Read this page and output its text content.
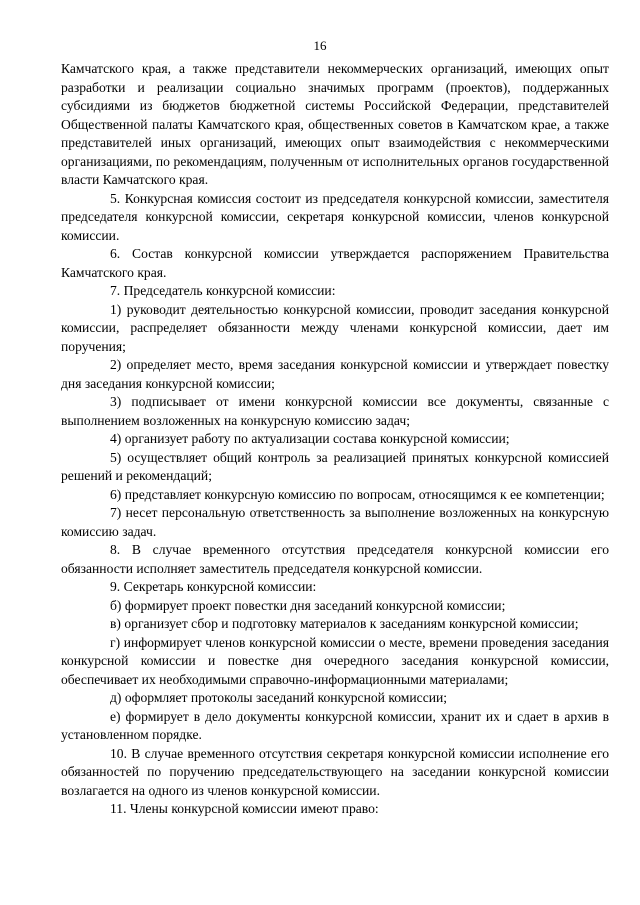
16

Камчатского края, а также представители некоммерческих организаций, имеющих опыт разработки и реализации социально значимых программ (проектов), поддержанных субсидиями из бюджетов бюджетной системы Российской Федерации, представителей Общественной палаты Камчатского края, общественных советов в Камчатском крае, а также представителей иных организаций, имеющих опыт взаимодействия с некоммерческими организациями, по рекомендациям, полученным от исполнительных органов государственной власти Камчатского края.

5. Конкурсная комиссия состоит из председателя конкурсной комиссии, заместителя председателя конкурсной комиссии, секретаря конкурсной комиссии, членов конкурсной комиссии.

6. Состав конкурсной комиссии утверждается распоряжением Правительства Камчатского края.

7. Председатель конкурсной комиссии:

1) руководит деятельностью конкурсной комиссии, проводит заседания конкурсной комиссии, распределяет обязанности между членами конкурсной комиссии, дает им поручения;

2) определяет место, время заседания конкурсной комиссии и утверждает повестку дня заседания конкурсной комиссии;

3) подписывает от имени конкурсной комиссии все документы, связанные с выполнением возложенных на конкурсную комиссию задач;

4) организует работу по актуализации состава конкурсной комиссии;

5) осуществляет общий контроль за реализацией принятых конкурсной комиссией решений и рекомендаций;

6) представляет конкурсную комиссию по вопросам, относящимся к ее компетенции;

7) несет персональную ответственность за выполнение возложенных на конкурсную комиссию задач.

8. В случае временного отсутствия председателя конкурсной комиссии его обязанности исполняет заместитель председателя конкурсной комиссии.

9. Секретарь конкурсной комиссии:

б) формирует проект повестки дня заседаний конкурсной комиссии;

в) организует сбор и подготовку материалов к заседаниям конкурсной комиссии;

г) информирует членов конкурсной комиссии о месте, времени проведения заседания конкурсной комиссии и повестке дня очередного заседания конкурсной комиссии, обеспечивает их необходимыми справочно-информационными материалами;

д) оформляет протоколы заседаний конкурсной комиссии;

е) формирует в дело документы конкурсной комиссии, хранит их и сдает в архив в установленном порядке.

10. В случае временного отсутствия секретаря конкурсной комиссии исполнение его обязанностей по поручению председательствующего на заседании конкурсной комиссии возлагается на одного из членов конкурсной комиссии.

11. Члены конкурсной комиссии имеют право:
